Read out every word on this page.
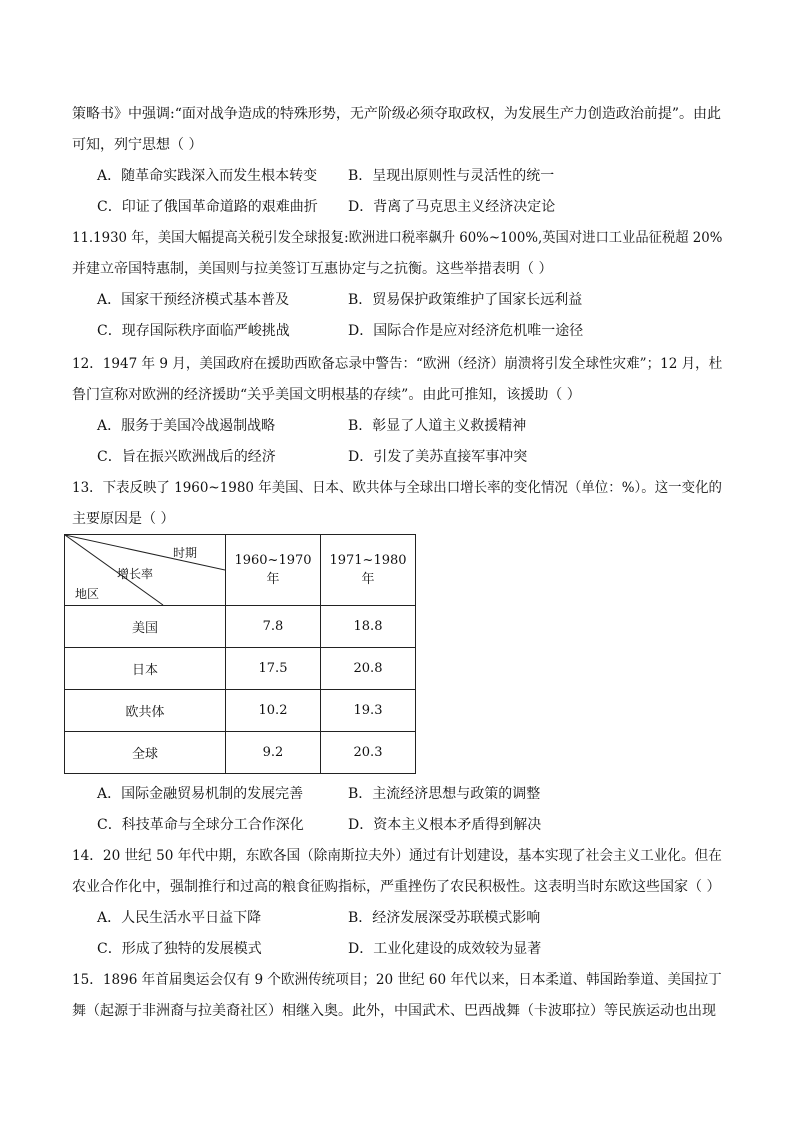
策略书》中强调:“面对战争造成的特殊形势，无产阶级必须夺取政权，为发展生产力创造政治前提”。由此
可知，列宁思想（ ）
A．随革命实践深入而发生根本转变 B．呈现出原则性与灵活性的统一
C．印证了俄国革命道路的艰难曲折 D．背离了马克思主义经济决定论
11.1930 年，美国大幅提高关税引发全球报复:欧洲进口税率飙升 60%~100%,英国对进口工业品征税超 20%
并建立帝国特惠制，美国则与拉美签订互惠协定与之抗衡。这些举措表明（ ）
A．国家干预经济模式基本普及	B．贸易保护政策维护了国家长远利益
C．现存国际秩序面临严峻挑战	D．国际合作是应对经济危机唯一途径
12．1947 年 9 月，美国政府在援助西欧备忘录中警告：“欧洲（经济）崩溃将引发全球性灾难”；12 月，杜
鲁门宣称对欧洲的经济援助“关乎美国文明根基的存续”。由此可推知，该援助（ ）
A．服务于美国冷战遏制战略	B．彰显了人道主义救援精神
C．旨在振兴欧洲战后的经济	D．引发了美苏直接军事冲突
13．下表反映了 1960~1980 年美国、日本、欧共体与全球出口增长率的变化情况（单位：%）。这一变化的
主要原因是（ ）
时期
增长率
地区	1960~1970 年	1971~1980 年
美国	7.8	18.8
日本	17.5	20.8
欧共体	10.2	19.3
全球	9.2	20.3
A．国际金融贸易机制的发展完善	B．主流经济思想与政策的调整
C．科技革命与全球分工合作深化	D．资本主义根本矛盾得到解决
14．20 世纪 50 年代中期，东欧各国（除南斯拉夫外）通过有计划建设，基本实现了社会主义工业化。但在
农业合作化中，强制推行和过高的粮食征购指标，严重挫伤了农民积极性。这表明当时东欧这些国家（ ）
A．人民生活水平日益下降	B．经济发展深受苏联模式影响
C．形成了独特的发展模式	D．工业化建设的成效较为显著
15．1896 年首届奥运会仅有 9 个欧洲传统项目；20 世纪 60 年代以来，日本柔道、韩国跆拳道、美国拉丁
舞（起源于非洲裔与拉美裔社区）相继入奥。此外，中国武术、巴西战舞（卡波耶拉）等民族运动也出现
